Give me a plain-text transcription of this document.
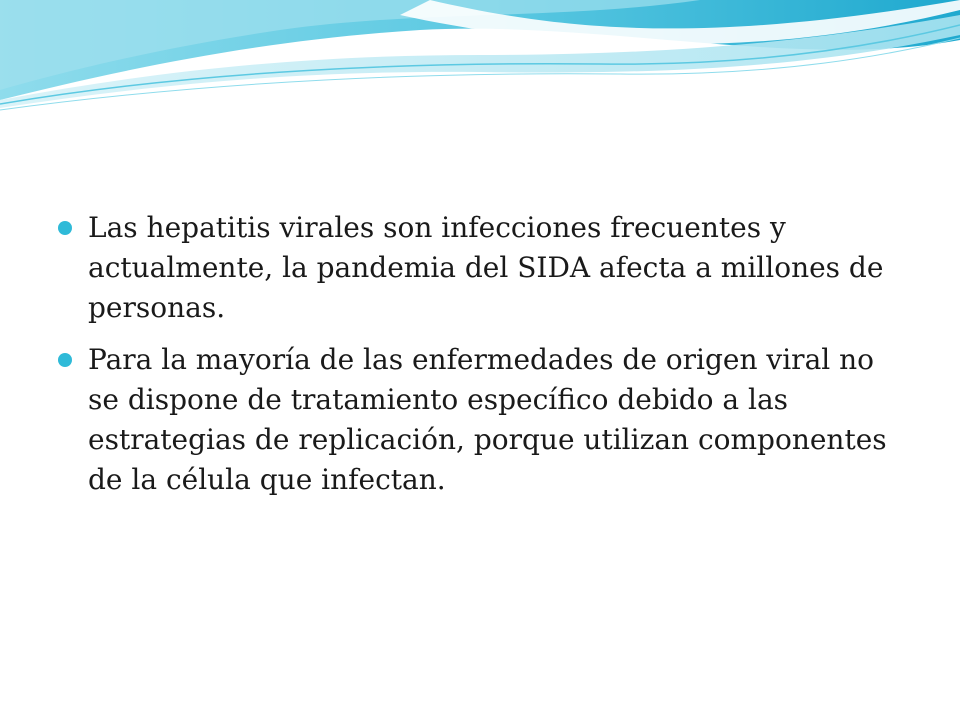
Las hepatitis virales son infecciones frecuentes y actualmente, la pandemia del SIDA afecta a millones de personas.
Para la mayoría de las enfermedades de origen viral no se dispone de tratamiento específico debido a las estrategias de replicación, porque utilizan componentes de la célula que infectan.
